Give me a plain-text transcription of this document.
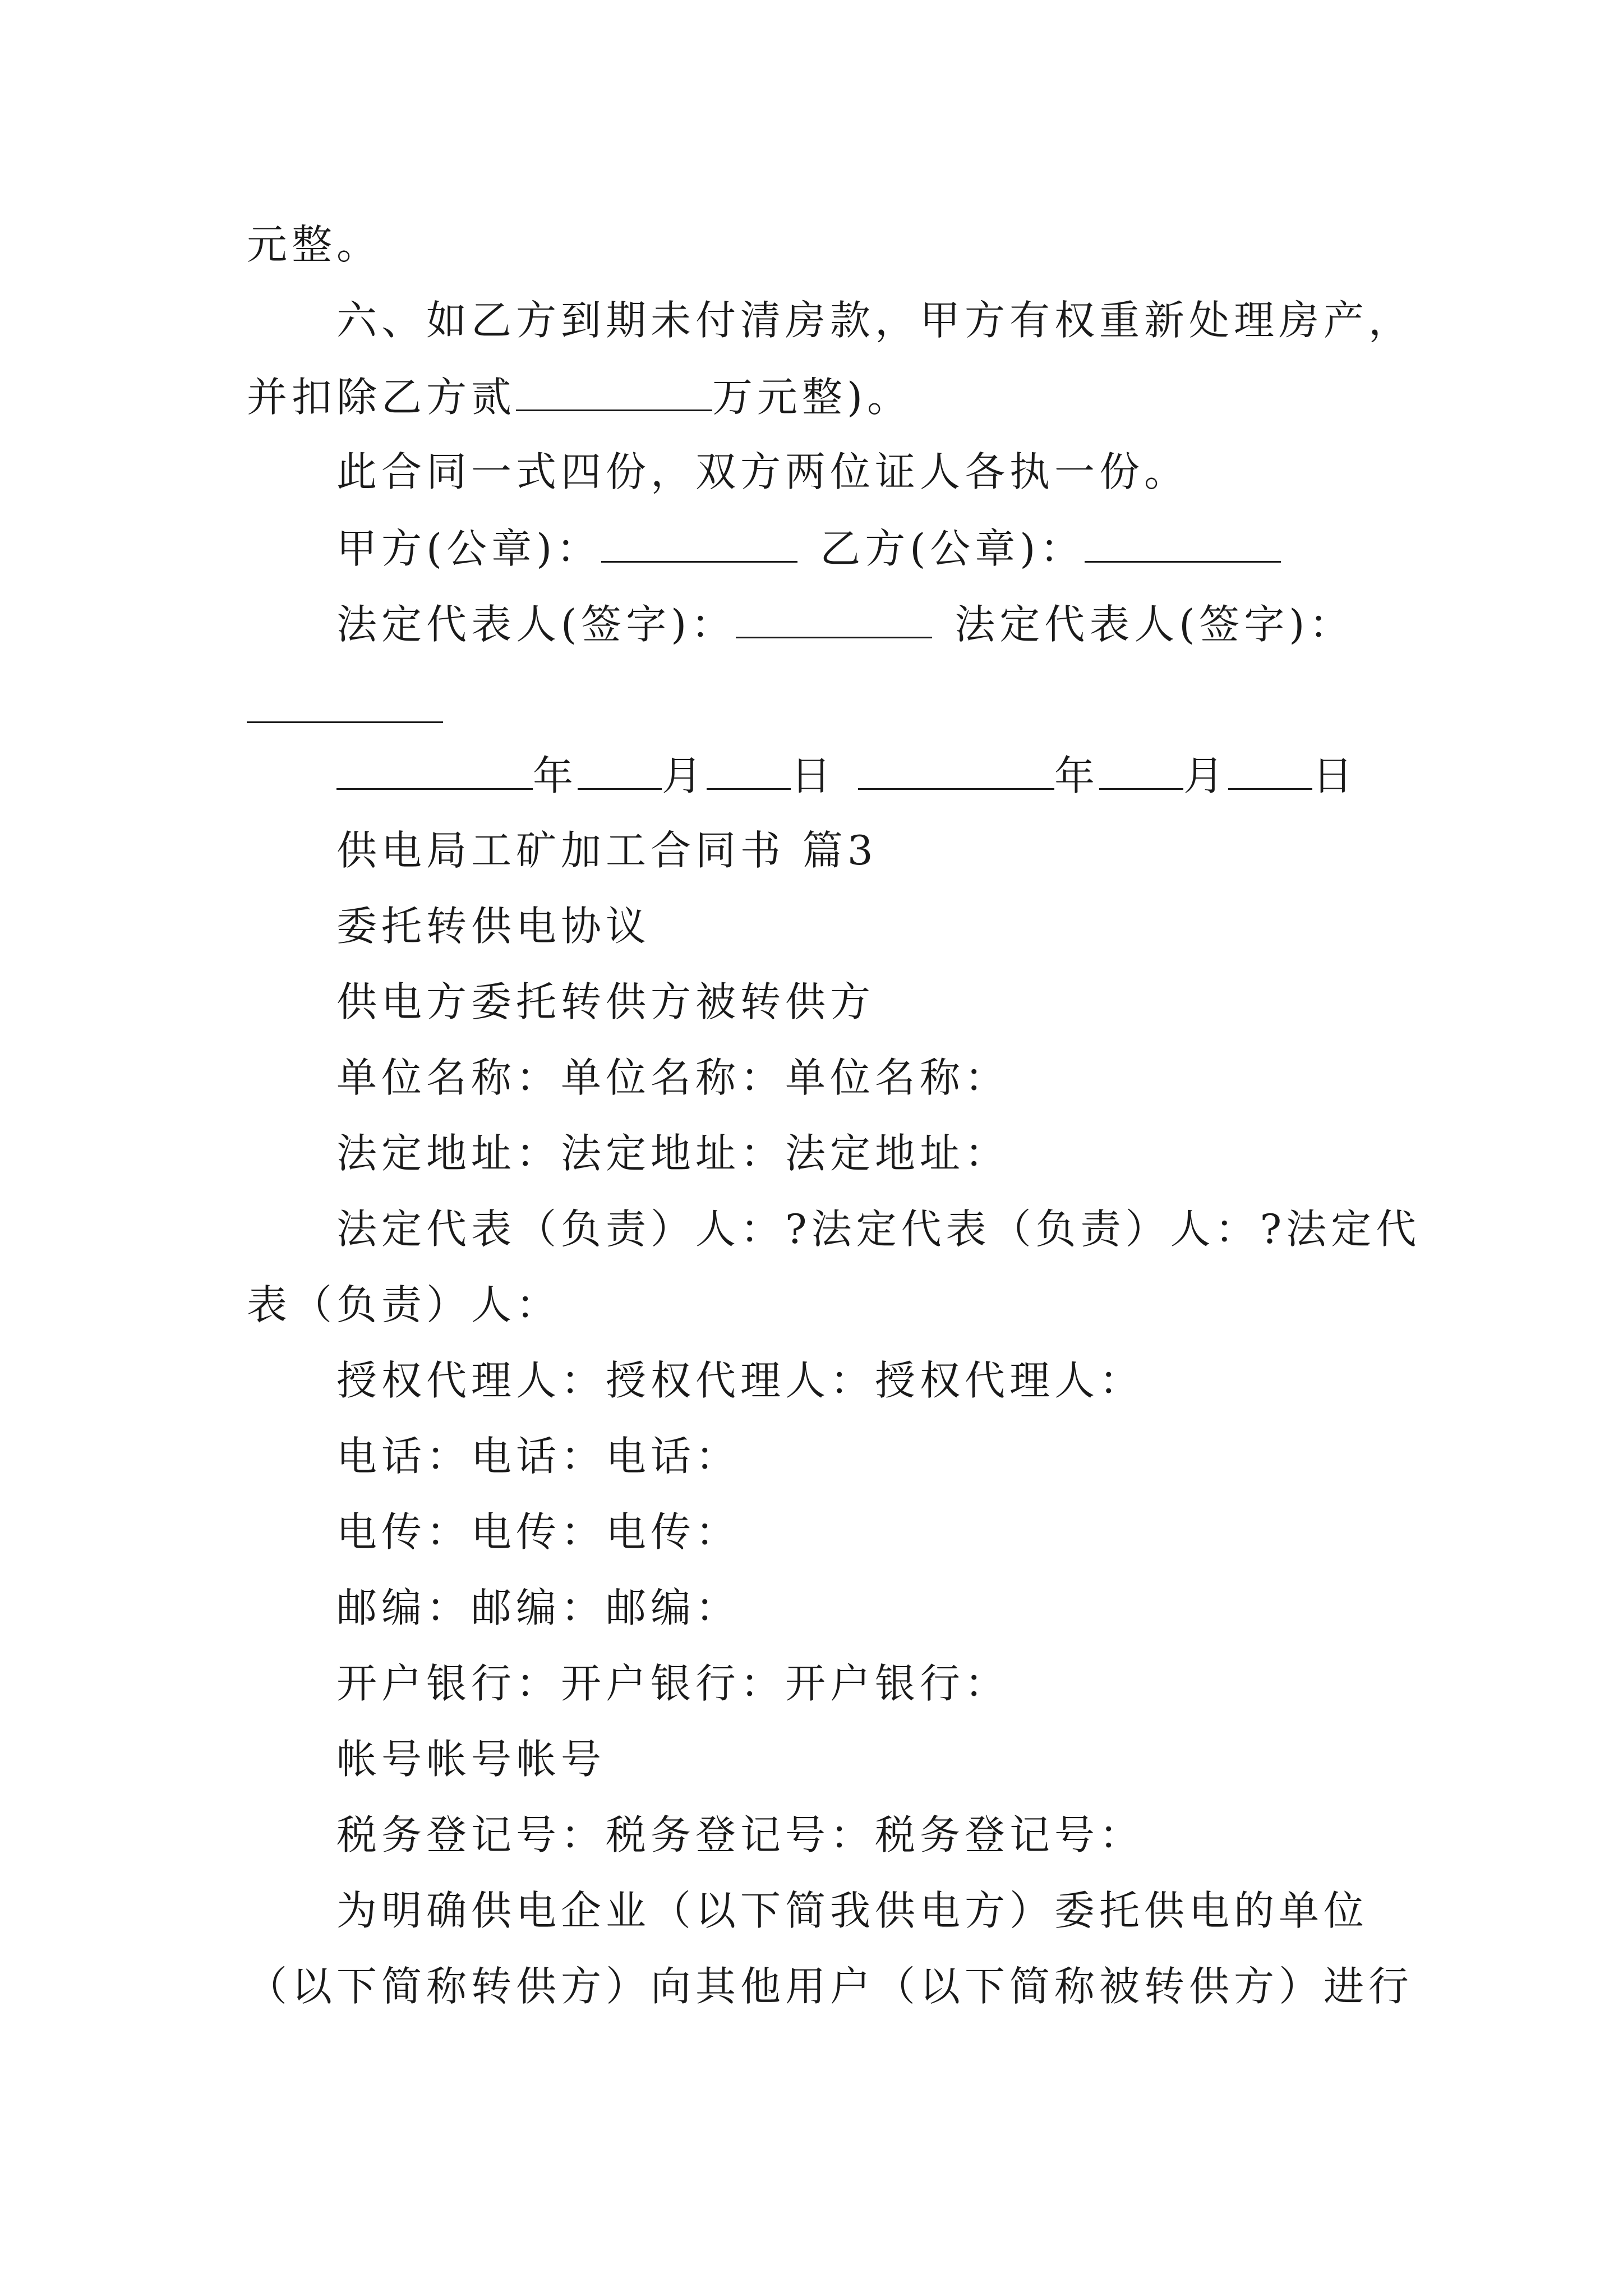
元整。
六、如乙方到期未付清房款，甲方有权重新处理房产，
并扣除乙方贰	万元整)。
此合同一式四份，双方两位证人各执一份。
甲方(公章)：	乙方(公章)：
法定代表人(签字)：	法定代表人(签字)：
年 月 日	年 月 日
供电局工矿加工合同书 篇3
委托转供电协议
供电方委托转供方被转供方
单位名称：单位名称：单位名称：
法定地址：法定地址：法定地址：
法定代表（负责）人：?法定代表（负责）人：?法定代
表（负责）人：
授权代理人：授权代理人：授权代理人：
电话：电话：电话：
电传：电传：电传：
邮编：邮编：邮编：
开户银行：开户银行：开户银行：
帐号帐号帐号
税务登记号：税务登记号：税务登记号：
为明确供电企业（以下简我供电方）委托供电的单位
（以下简称转供方）向其他用户（以下简称被转供方）进行
